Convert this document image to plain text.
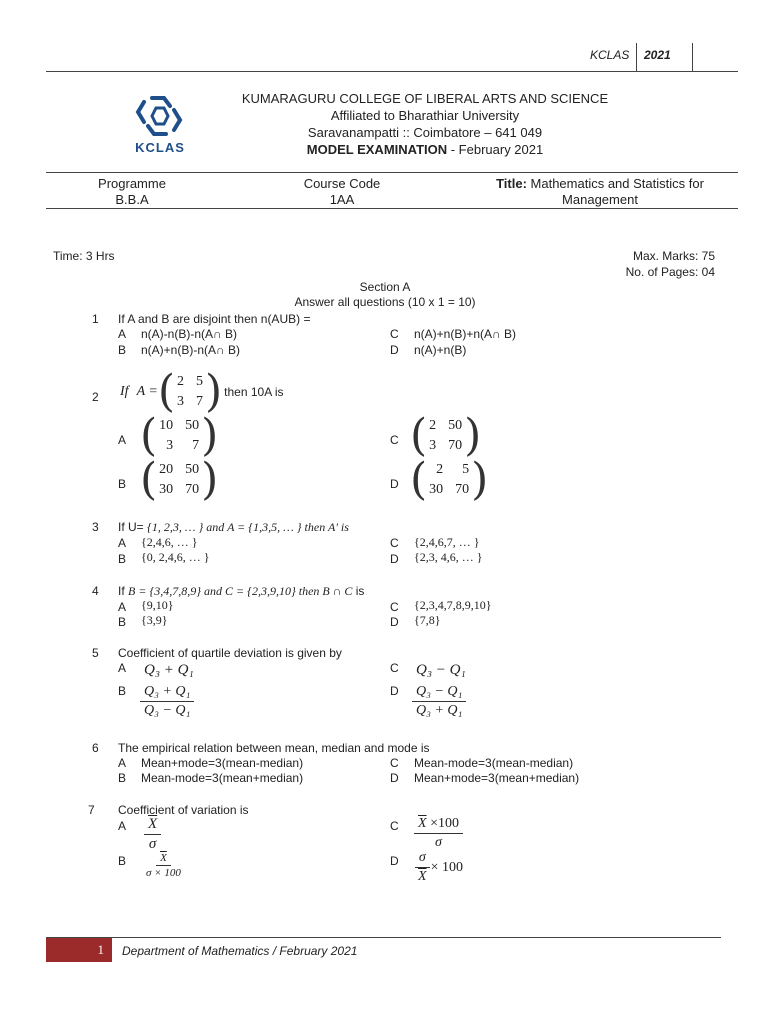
KCLAS 2021
KCLAS
KUMARAGURU COLLEGE OF LIBERAL ARTS AND SCIENCE
Affiliated to Bharathiar University
Saravanampatti :: Coimbatore – 641 049
MODEL EXAMINATION - February 2021
Programme
B.B.A
Course Code
1AA
Title: Mathematics and Statistics for
Management
Time: 3 Hrs	Max. Marks: 75
No. of Pages: 04
Section A
Answer all questions (10 x 1 = 10)
1 If A and B are disjoint then n(AUB) =
A n(A)-n(B)-n(A∩ B)	C n(A)+n(B)+n(A∩ B)
B n(A)+n(B)-n(A∩ B)	D n(A)+n(B)
2 If A = ( 2 5
3 7 ) then 10A is
A ( 10 50
3	7 )	C ( 2 50
3 70 )
B ( 20 50
30 70 )	D ( 2	5
30 70 )
3 If U= {1, 2,3, … } and A = {1,3,5, … } then A' is
A {2,4,6, … }	C {2,4,6,7, … }
B {0, 2,4,6, … }	D {2,3, 4,6, … }
4 If B = {3,4,7,8,9} and C = {2,3,9,10} then B ∩ C is
A {9,10}	C {2,3,4,7,8,9,10}
B {3,9}	D {7,8}
5 Coefficient of quartile deviation is given by
A Q₃ + Q₁	C Q₃ − Q₁
B $\frac{\text{Q₃ + Q₁}}{\text{Q₃ − Q₁}}$	D $\frac{\text{Q₃ − Q₁}}{\text{Q₃ + Q₁}}$
6 The empirical relation between mean, median and mode is
A Mean+mode=3(mean-median)	C Mean-mode=3(mean-median)
B Mean-mode=3(mean+median)	D Mean+mode=3(mean+median)
7 Coefficient of variation is
A $\frac{\overline{X}}{\sigma}$	C $\frac{\overline{X} \times 100}{\sigma}$
B $\frac{\overline{X}}{\sigma \times 100}$	D $\frac{\sigma}{X} \times 100$
1	Department of Mathematics / February 2021
